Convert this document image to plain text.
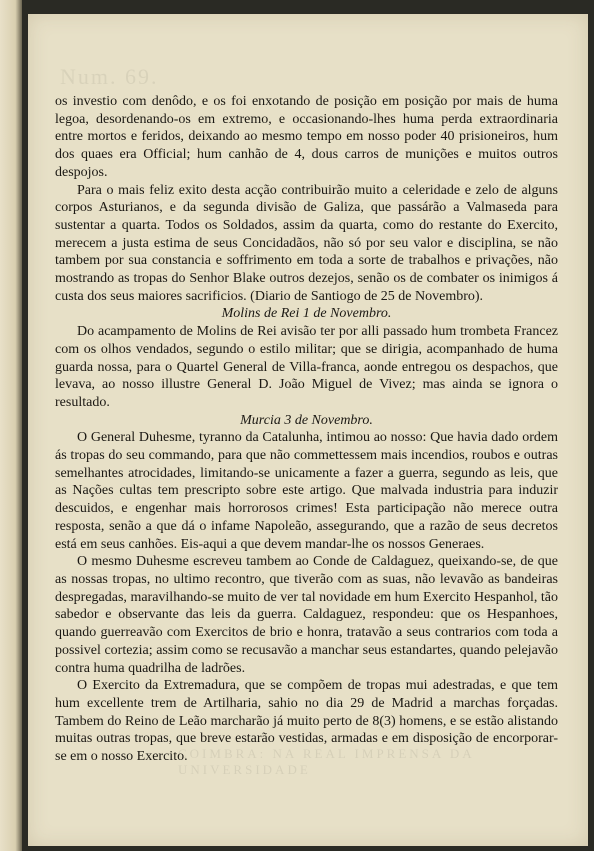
Num. 69.
COIMBRA: NA REAL IMPRENSA DA UNIVERSIDADE

os investio com denôdo, e os foi enxotando de posição em posição por mais de huma legoa, desordenando-os em extremo, e occasionando-lhes huma perda extraordinaria entre mortos e feridos, deixando ao mesmo tempo em nosso poder 40 prisioneiros, hum dos quaes era Official; hum canhão de 4, dous carros de munições e muitos outros despojos.

Para o mais feliz exito desta acção contribuirão muito a celeridade e zelo de alguns corpos Asturianos, e da segunda divisão de Galiza, que passárão a Valmaseda para sustentar a quarta. Todos os Soldados, assim da quarta, como do restante do Exercito, merecem a justa estima de seus Concidadãos, não só por seu valor e disciplina, se não tambem por sua constancia e soffrimento em toda a sorte de trabalhos e privações, não mostrando as tropas do Senhor Blake outros dezejos, senão os de combater os inimigos á custa dos seus maiores sacrificios. (Diario de Santiogo de 25 de Novembro).

Molins de Rei 1 de Novembro.

Do acampamento de Molins de Rei avisão ter por alli passado hum trombeta Francez com os olhos vendados, segundo o estilo militar; que se dirigia, acompanhado de huma guarda nossa, para o Quartel General de Villa-franca, aonde entregou os despachos, que levava, ao nosso illustre General D. João Miguel de Vivez; mas ainda se ignora o resultado.

Murcia 3 de Novembro.

O General Duhesme, tyranno da Catalunha, intimou ao nosso: Que havia dado ordem ás tropas do seu commando, para que não commettessem mais incendios, roubos e outras semelhantes atrocidades, limitando-se unicamente a fazer a guerra, segundo as leis, que as Nações cultas tem prescripto sobre este artigo. Que malvada industria para induzir descuidos, e engenhar mais horrorosos crimes! Esta participação não merece outra resposta, senão a que dá o infame Napoleão, assegurando, que a razão de seus decretos está em seus canhões. Eis-aqui a que devem mandar-lhe os nossos Generaes.

O mesmo Duhesme escreveu tambem ao Conde de Caldaguez, queixando-se, de que as nossas tropas, no ultimo recontro, que tiverão com as suas, não levavão as bandeiras despregadas, maravilhando-se muito de ver tal novidade em hum Exercito Hespanhol, tão sabedor e observante das leis da guerra. Caldaguez, respondeu: que os Hespanhoes, quando guerreavão com Exercitos de brio e honra, tratavão a seus contrarios com toda a possivel cortezia; assim como se recusavão a manchar seus estandartes, quando pelejavão contra huma quadrilha de ladrões.

O Exercito da Extremadura, que se compõem de tropas mui adestradas, e que tem hum excellente trem de Artilharia, sahio no dia 29 de Madrid a marchas forçadas. Tambem do Reino de Leão marcharão já muito perto de 8(3) homens, e se estão alistando muitas outras tropas, que breve estarão vestidas, armadas e em disposição de encorporar-se em o nosso Exercito.
